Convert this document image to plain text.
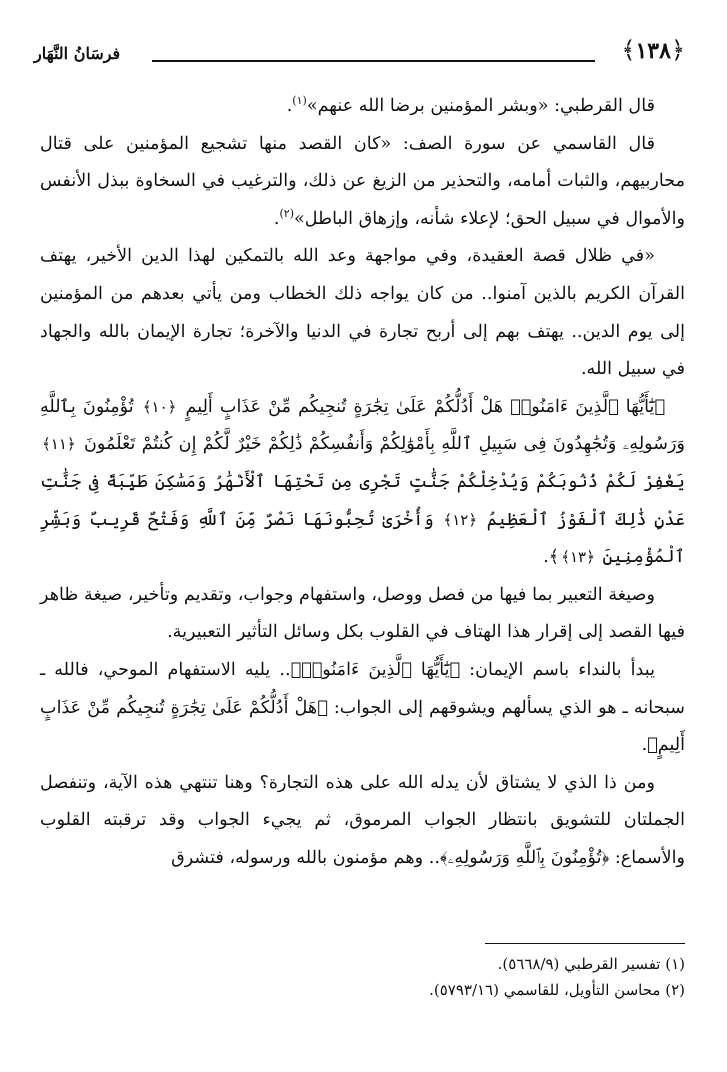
﴿١٣٨﴾
فرسَانُ النَّهَار

قال القرطبي: «وبشر المؤمنين برضا الله عنهم»$^{(١)}$.

قال القاسمي عن سورة الصف: «كان القصد منها تشجيع المؤمنين على قتال محاربيهم، والثبات أمامه، والتحذير من الزيغ عن ذلك، والترغيب في السخاوة ببذل الأنفس والأموال في سبيل الحق؛ لإعلاء شأنه، وإزهاق الباطل»$^{(٢)}$.

«في ظلال قصة العقيدة، وفي مواجهة وعد الله بالتمكين لهذا الدين الأخير، يهتف القرآن الكريم بالذين آمنوا.. من كان يواجه ذلك الخطاب ومن يأتي بعدهم من المؤمنين إلى يوم الدين.. يهتف بهم إلى أربح تجارة في الدنيا والآخرة؛ تجارة الإيمان بالله والجهاد في سبيل الله.

﴿يَٰٓأَيُّهَا ٱلَّذِينَ ءَامَنُوا۟ هَلْ أَدُلُّكُمْ عَلَىٰ تِجَٰرَةٍ تُنجِيكُم مِّنْ عَذَابٍ أَلِيمٍ ﴿١٠﴾ تُؤْمِنُونَ بِٱللَّهِ وَرَسُولِهِۦ وَتُجَٰهِدُونَ فِى سَبِيلِ ٱللَّهِ بِأَمْوَٰلِكُمْ وَأَنفُسِكُمْ ذَٰلِكُمْ خَيْرٌ لَّكُمْ إِن كُنتُمْ تَعْلَمُونَ ﴿١١﴾ يَغْفِرْ لَكُمْ ذُنُوبَكُمْ وَيُدْخِلْكُمْ جَنَّٰتٍ تَجْرِى مِن تَحْتِهَا ٱلْأَنْهَٰرُ وَمَسَٰكِنَ طَيِّبَةً فِى جَنَّٰتِ عَدْنٍ ذَٰلِكَ ٱلْفَوْزُ ٱلْعَظِيمُ ﴿١٢﴾ وَأُخْرَىٰ تُحِبُّونَهَا نَصْرٌ مِّنَ ٱللَّهِ وَفَتْحٌ قَرِيبٌ وَبَشِّرِ ٱلْمُؤْمِنِينَ ﴿١٣﴾﴾.

وصيغة التعبير بما فيها من فصل ووصل، واستفهام وجواب، وتقديم وتأخير، صيغة ظاهر فيها القصد إلى إقرار هذا الهتاف في القلوب بكل وسائل التأثير التعبيرية.

يبدأ بالنداء باسم الإيمان: ﴿يَٰٓأَيُّهَا ٱلَّذِينَ ءَامَنُوا۟﴾.. يليه الاستفهام الموحي، فالله ـ سبحانه ـ هو الذي يسألهم ويشوقهم إلى الجواب: ﴿هَلْ أَدُلُّكُمْ عَلَىٰ تِجَٰرَةٍ تُنجِيكُم مِّنْ عَذَابٍ أَلِيمٍ﴾.

ومن ذا الذي لا يشتاق لأن يدله الله على هذه التجارة؟ وهنا تنتهي هذه الآية، وتنفصل الجملتان للتشويق بانتظار الجواب المرموق، ثم يجيء الجواب وقد ترقبته القلوب والأسماع: ﴿تُؤْمِنُونَ بِٱللَّهِ وَرَسُولِهِۦ﴾.. وهم مؤمنون بالله ورسوله، فتشرق

(١) تفسير القرطبي (٥٦٦٨/٩).

(٢) محاسن التأويل، للقاسمي (٥٧٩٣/١٦).
